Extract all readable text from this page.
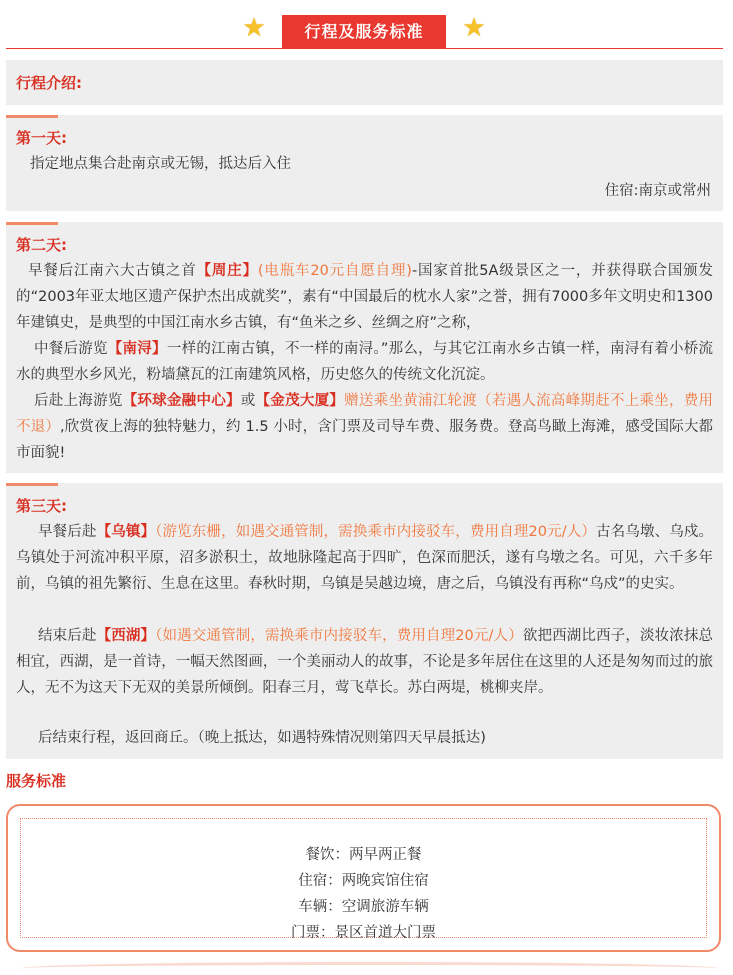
★	行程及服务标准	★
行程介绍:
第一天:

指定地点集合赴南京或无锡，抵达后入住

住宿:南京或常州
第二天:

早餐后江南六大古镇之首【周庄】(电瓶车20元自愿自理)-国家首批5A级景区之一，并获得联合国颁发的“2003年亚太地区遗产保护杰出成就奖”，素有“中国最后的枕水人家”之誉，拥有7000多年文明史和1300年建镇史，是典型的中国江南水乡古镇，有“鱼米之乡、丝绸之府”之称，

中餐后游览【南浔】一样的江南古镇，不一样的南浔。”那么，与其它江南水乡古镇一样，南浔有着小桥流水的典型水乡风光，粉墙黛瓦的江南建筑风格，历史悠久的传统文化沉淀。

后赴上海游览【环球金融中心】或【金茂大厦】赠送乘坐黄浦江轮渡（若遇人流高峰期赶不上乘坐，费用不退）,欣赏夜上海的独特魅力，约 1.5 小时，含门票及司导车费、服务费。登高鸟瞰上海滩，感受国际大都市面貌!

第三天:

早餐后赴【乌镇】（游览东栅，如遇交通管制，需换乘市内接驳车，费用自理20元/人）古名乌墩、乌戍。乌镇处于河流冲积平原，沼多淤积土，故地脉隆起高于四旷，色深而肥沃，遂有乌墩之名。可见，六千多年前，乌镇的祖先繁衍、生息在这里。春秋时期，乌镇是吴越边境，唐之后，乌镇没有再称“乌戍”的史实。

结束后赴【西湖】（如遇交通管制，需换乘市内接驳车，费用自理20元/人）欲把西湖比西子，淡妆浓抹总相宜，西湖，是一首诗，一幅天然图画，一个美丽动人的故事，不论是多年居住在这里的人还是匆匆而过的旅人，无不为这天下无双的美景所倾倒。阳春三月，莺飞草长。苏白两堤，桃柳夹岸。

后结束行程，返回商丘。（晚上抵达，如遇特殊情况则第四天早晨抵达)

服务标准
餐饮：两早两正餐
住宿：两晚宾馆住宿
车辆：空调旅游车辆
门票：景区首道大门票
